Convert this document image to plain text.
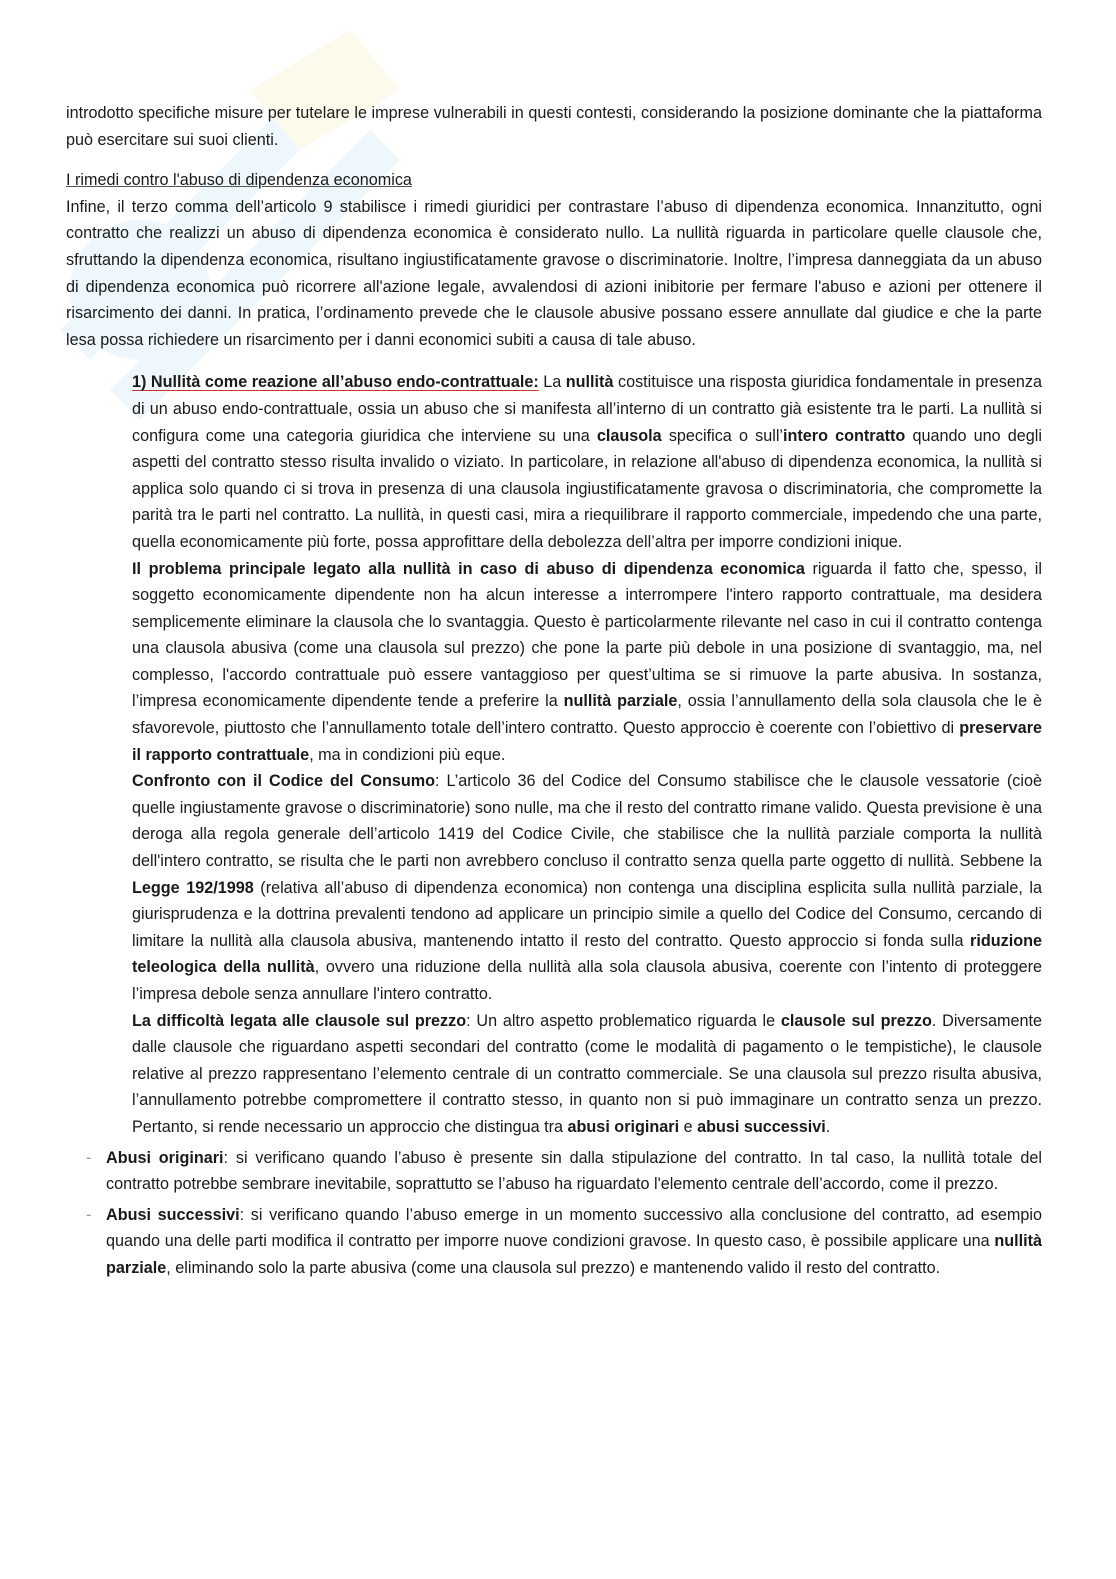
introdotto specifiche misure per tutelare le imprese vulnerabili in questi contesti, considerando la posizione dominante che la piattaforma può esercitare sui suoi clienti.

I rimedi contro l'abuso di dipendenza economica

Infine, il terzo comma dell’articolo 9 stabilisce i rimedi giuridici per contrastare l’abuso di dipendenza economica. Innanzitutto, ogni contratto che realizzi un abuso di dipendenza economica è considerato nullo. La nullità riguarda in particolare quelle clausole che, sfruttando la dipendenza economica, risultano ingiustificatamente gravose o discriminatorie. Inoltre, l’impresa danneggiata da un abuso di dipendenza economica può ricorrere all'azione legale, avvalendosi di azioni inibitorie per fermare l'abuso e azioni per ottenere il risarcimento dei danni. In pratica, l’ordinamento prevede che le clausole abusive possano essere annullate dal giudice e che la parte lesa possa richiedere un risarcimento per i danni economici subiti a causa di tale abuso.

1) Nullità come reazione all’abuso endo-contrattuale: La nullità costituisce una risposta giuridica fondamentale in presenza di un abuso endo-contrattuale, ossia un abuso che si manifesta all’interno di un contratto già esistente tra le parti. La nullità si configura come una categoria giuridica che interviene su una clausola specifica o sull’intero contratto quando uno degli aspetti del contratto stesso risulta invalido o viziato. In particolare, in relazione all'abuso di dipendenza economica, la nullità si applica solo quando ci si trova in presenza di una clausola ingiustificatamente gravosa o discriminatoria, che compromette la parità tra le parti nel contratto. La nullità, in questi casi, mira a riequilibrare il rapporto commerciale, impedendo che una parte, quella economicamente più forte, possa approfittare della debolezza dell’altra per imporre condizioni inique.

Il problema principale legato alla nullità in caso di abuso di dipendenza economica riguarda il fatto che, spesso, il soggetto economicamente dipendente non ha alcun interesse a interrompere l'intero rapporto contrattuale, ma desidera semplicemente eliminare la clausola che lo svantaggia. Questo è particolarmente rilevante nel caso in cui il contratto contenga una clausola abusiva (come una clausola sul prezzo) che pone la parte più debole in una posizione di svantaggio, ma, nel complesso, l'accordo contrattuale può essere vantaggioso per quest’ultima se si rimuove la parte abusiva. In sostanza, l’impresa economicamente dipendente tende a preferire la nullità parziale, ossia l’annullamento della sola clausola che le è sfavorevole, piuttosto che l’annullamento totale dell’intero contratto. Questo approccio è coerente con l’obiettivo di preservare il rapporto contrattuale, ma in condizioni più eque.

Confronto con il Codice del Consumo: L’articolo 36 del Codice del Consumo stabilisce che le clausole vessatorie (cioè quelle ingiustamente gravose o discriminatorie) sono nulle, ma che il resto del contratto rimane valido. Questa previsione è una deroga alla regola generale dell’articolo 1419 del Codice Civile, che stabilisce che la nullità parziale comporta la nullità dell'intero contratto, se risulta che le parti non avrebbero concluso il contratto senza quella parte oggetto di nullità. Sebbene la Legge 192/1998 (relativa all’abuso di dipendenza economica) non contenga una disciplina esplicita sulla nullità parziale, la giurisprudenza e la dottrina prevalenti tendono ad applicare un principio simile a quello del Codice del Consumo, cercando di limitare la nullità alla clausola abusiva, mantenendo intatto il resto del contratto. Questo approccio si fonda sulla riduzione teleologica della nullità, ovvero una riduzione della nullità alla sola clausola abusiva, coerente con l’intento di proteggere l’impresa debole senza annullare l'intero contratto.

La difficoltà legata alle clausole sul prezzo: Un altro aspetto problematico riguarda le clausole sul prezzo. Diversamente dalle clausole che riguardano aspetti secondari del contratto (come le modalità di pagamento o le tempistiche), le clausole relative al prezzo rappresentano l’elemento centrale di un contratto commerciale. Se una clausola sul prezzo risulta abusiva, l’annullamento potrebbe compromettere il contratto stesso, in quanto non si può immaginare un contratto senza un prezzo. Pertanto, si rende necessario un approccio che distingua tra abusi originari e abusi successivi.

- Abusi originari: si verificano quando l’abuso è presente sin dalla stipulazione del contratto. In tal caso, la nullità totale del contratto potrebbe sembrare inevitabile, soprattutto se l’abuso ha riguardato l'elemento centrale dell’accordo, come il prezzo.

- Abusi successivi: si verificano quando l’abuso emerge in un momento successivo alla conclusione del contratto, ad esempio quando una delle parti modifica il contratto per imporre nuove condizioni gravose. In questo caso, è possibile applicare una nullità parziale, eliminando solo la parte abusiva (come una clausola sul prezzo) e mantenendo valido il resto del contratto.
